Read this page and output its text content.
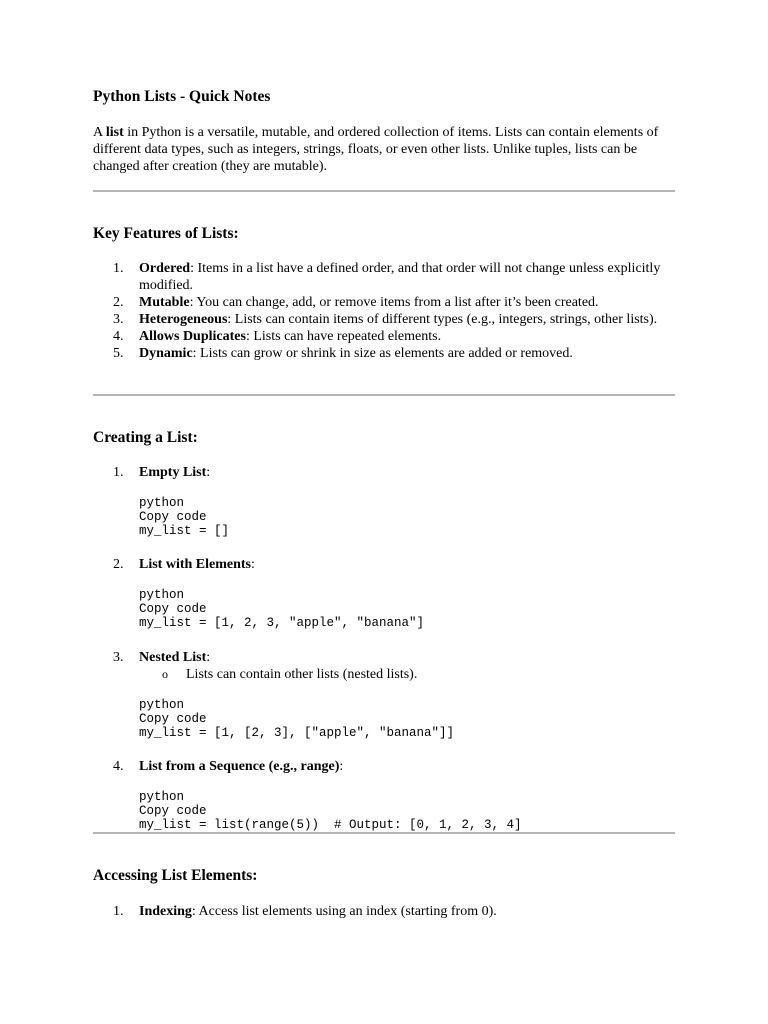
Python Lists - Quick Notes

A list in Python is a versatile, mutable, and ordered collection of items. Lists can contain elements of different data types, such as integers, strings, floats, or even other lists. Unlike tuples, lists can be changed after creation (they are mutable).

Key Features of Lists:
1. Ordered: Items in a list have a defined order, and that order will not change unless explicitly modified.
2. Mutable: You can change, add, or remove items from a list after it’s been created.
3. Heterogeneous: Lists can contain items of different types (e.g., integers, strings, other lists).
4. Allows Duplicates: Lists can have repeated elements.
5. Dynamic: Lists can grow or shrink in size as elements are added or removed.
Creating a List:
1. Empty List:
python
Copy code
my_list = []
2. List with Elements:
python
Copy code
my_list = [1, 2, 3, "apple", "banana"]
3. Nested List:
o Lists can contain other lists (nested lists).
python
Copy code
my_list = [1, [2, 3], ["apple", "banana"]]
4. List from a Sequence (e.g., range):
python
Copy code
my_list = list(range(5))  # Output: [0, 1, 2, 3, 4]
Accessing List Elements:
1. Indexing: Access list elements using an index (starting from 0).
